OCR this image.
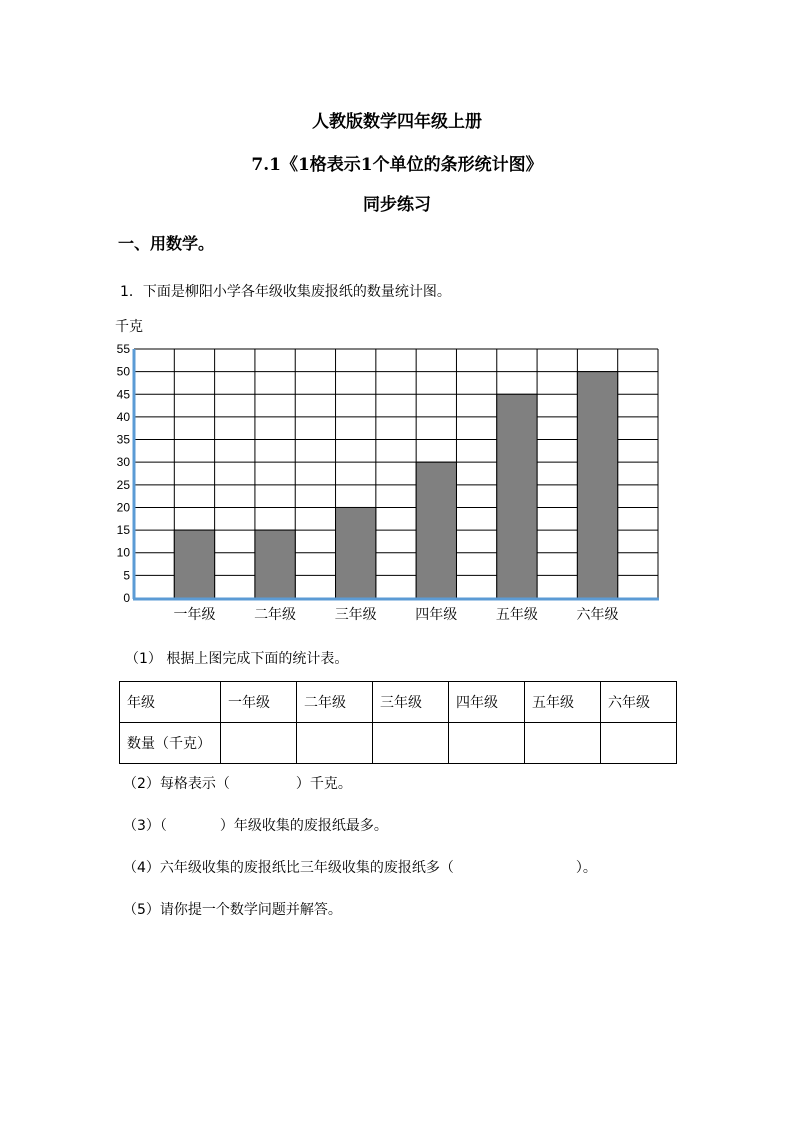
人教版数学四年级上册
7.1《1格表示1个单位的条形统计图》
同步练习
一、用数学。
1．下面是柳阳小学各年级收集废报纸的数量统计图。
0
5
10
15
20
25
30
35
40
45
50
55
千克
一年级	二年级	三年级	四年级	五年级	六年级
（1） 根据上图完成下面的统计表。
年级	一年级	二年级	三年级	四年级	五年级	六年级
数量（千克）						
（2）每格表示（	）千克。
（3）（	）年级收集的废报纸最多。
（4）六年级收集的废报纸比三年级收集的废报纸多（	）。
（5）请你提一个数学问题并解答。
